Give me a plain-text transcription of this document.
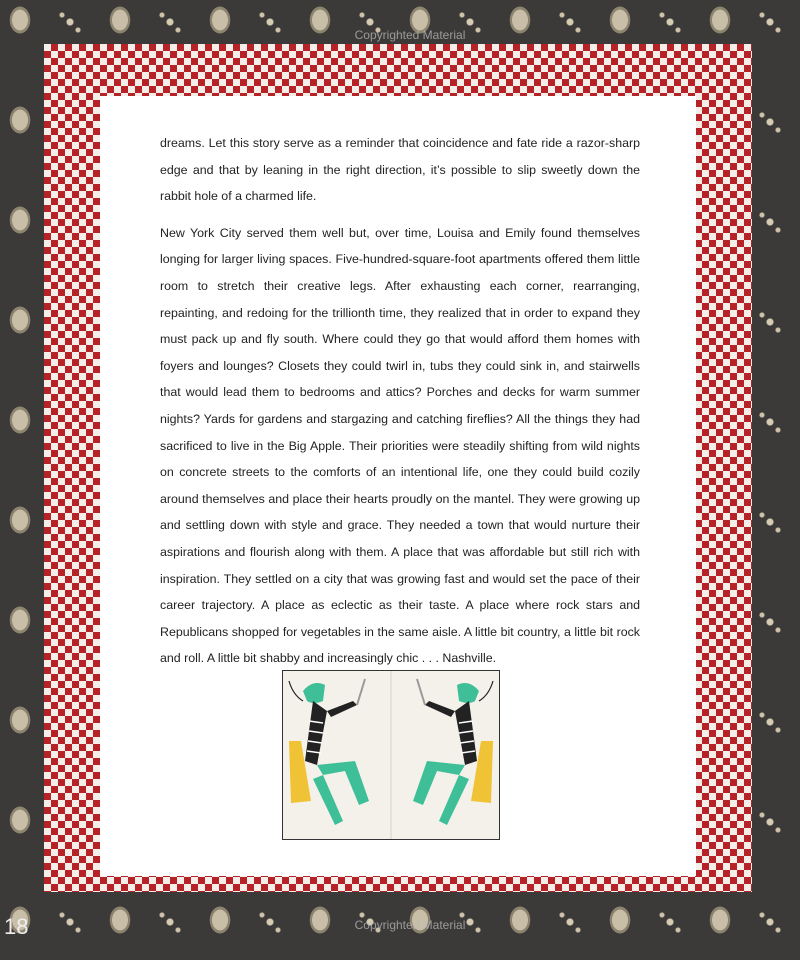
Copyrighted Material

dreams. Let this story serve as a reminder that coincidence and fate ride a razor-sharp edge and that by leaning in the right direction, it’s possible to slip sweetly down the rabbit hole of a charmed life.

New York City served them well but, over time, Louisa and Emily found themselves longing for larger living spaces. Five-hundred-square-foot apartments offered them little room to stretch their creative legs. After exhausting each corner, rearranging, repainting, and redoing for the trillionth time, they realized that in order to expand they must pack up and fly south. Where could they go that would afford them homes with foyers and lounges? Closets they could twirl in, tubs they could sink in, and stairwells that would lead them to bedrooms and attics? Porches and decks for warm summer nights? Yards for gardens and stargazing and catching fireflies? All the things they had sacrificed to live in the Big Apple. Their priorities were steadily shifting from wild nights on concrete streets to the comforts of an intentional life, one they could build cozily around themselves and place their hearts proudly on the mantel. They were growing up and settling down with style and grace. They needed a town that would nurture their aspirations and flourish along with them. A place that was affordable but still rich with inspiration. They settled on a city that was growing fast and would set the pace of their career trajectory. A place as eclectic as their taste. A place where rock stars and Republicans shopped for vegetables in the same aisle. A little bit country, a little bit rock and roll. A little bit shabby and increasingly chic . . . Nashville.

Copyrighted Material
18
